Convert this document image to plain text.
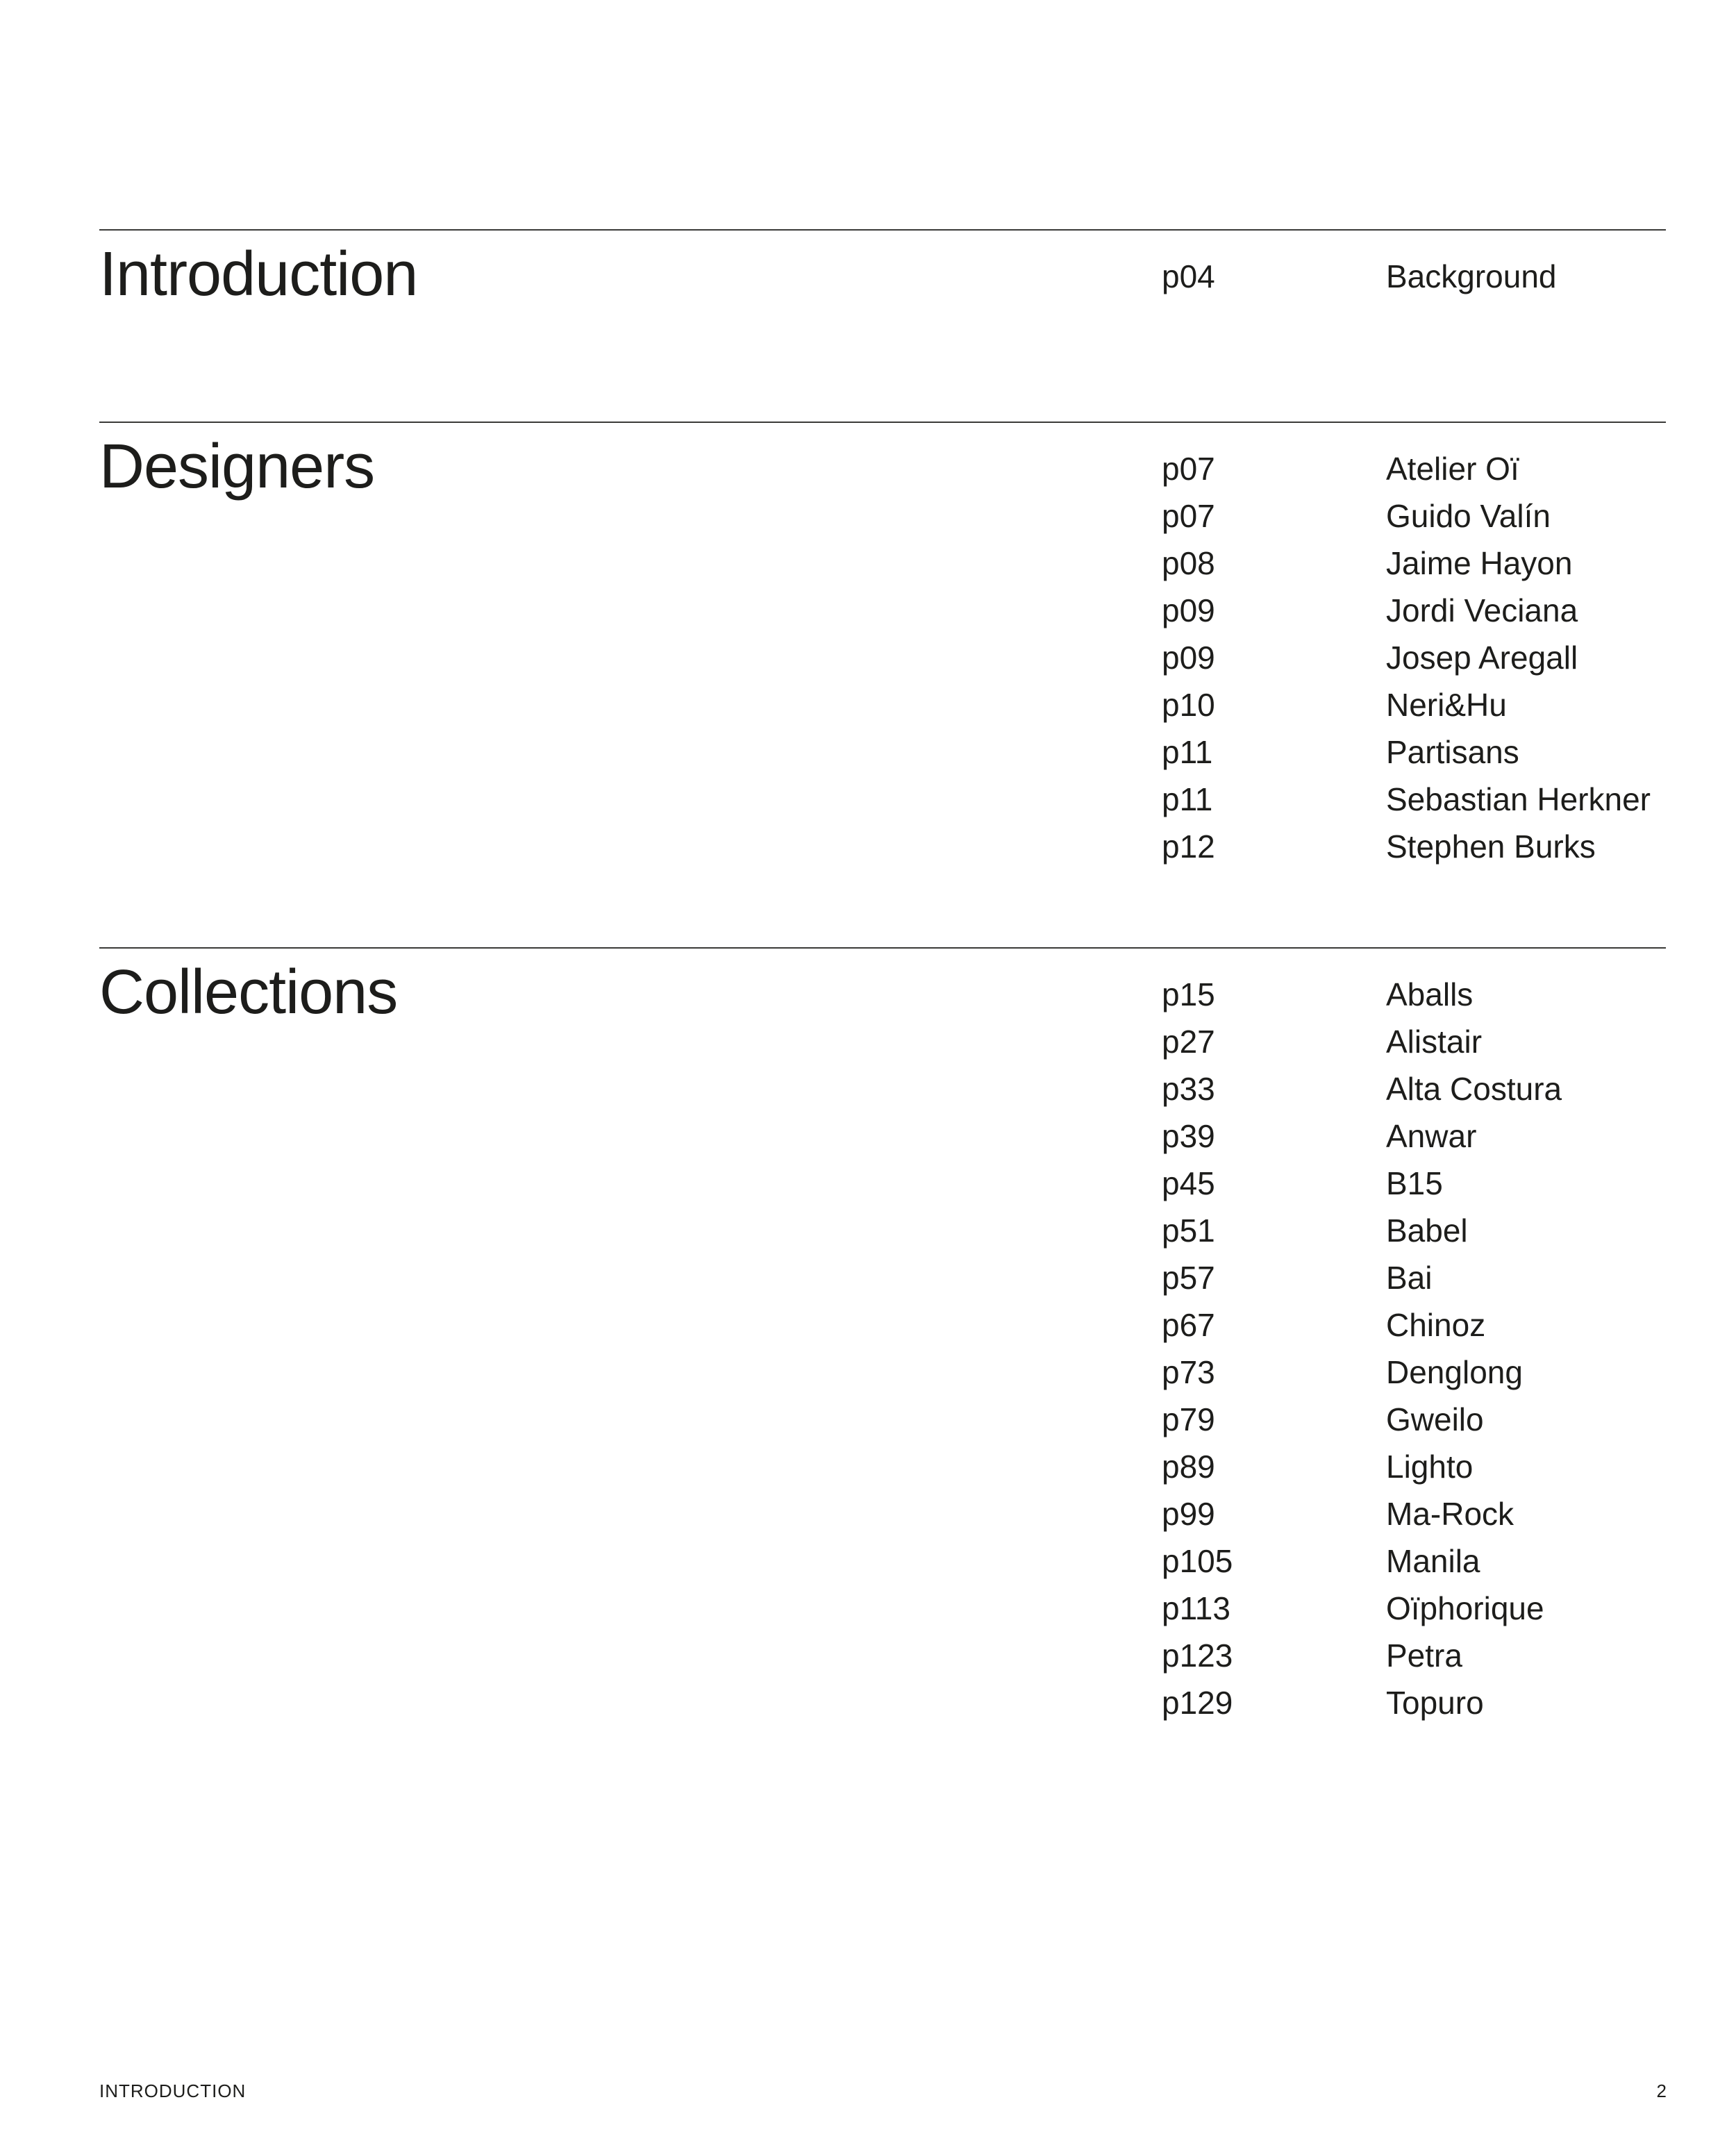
Introduction	p04	Background
Designers	p07	Atelier Oï
p07	Guido Valín
p08	Jaime Hayon
p09	Jordi Veciana
p09	Josep Aregall
p10	Neri&Hu
p11	Partisans
p11	Sebastian Herkner
p12	Stephen Burks
Collections	p15	Aballs
p27	Alistair
p33	Alta Costura
p39	Anwar
p45	B15
p51	Babel
p57	Bai
p67	Chinoz
p73	Denglong
p79	Gweilo
p89	Lighto
p99	Ma-Rock
p105	Manila
p113	Oïphorique
p123	Petra
p129	Topuro
INTRODUCTION	2
